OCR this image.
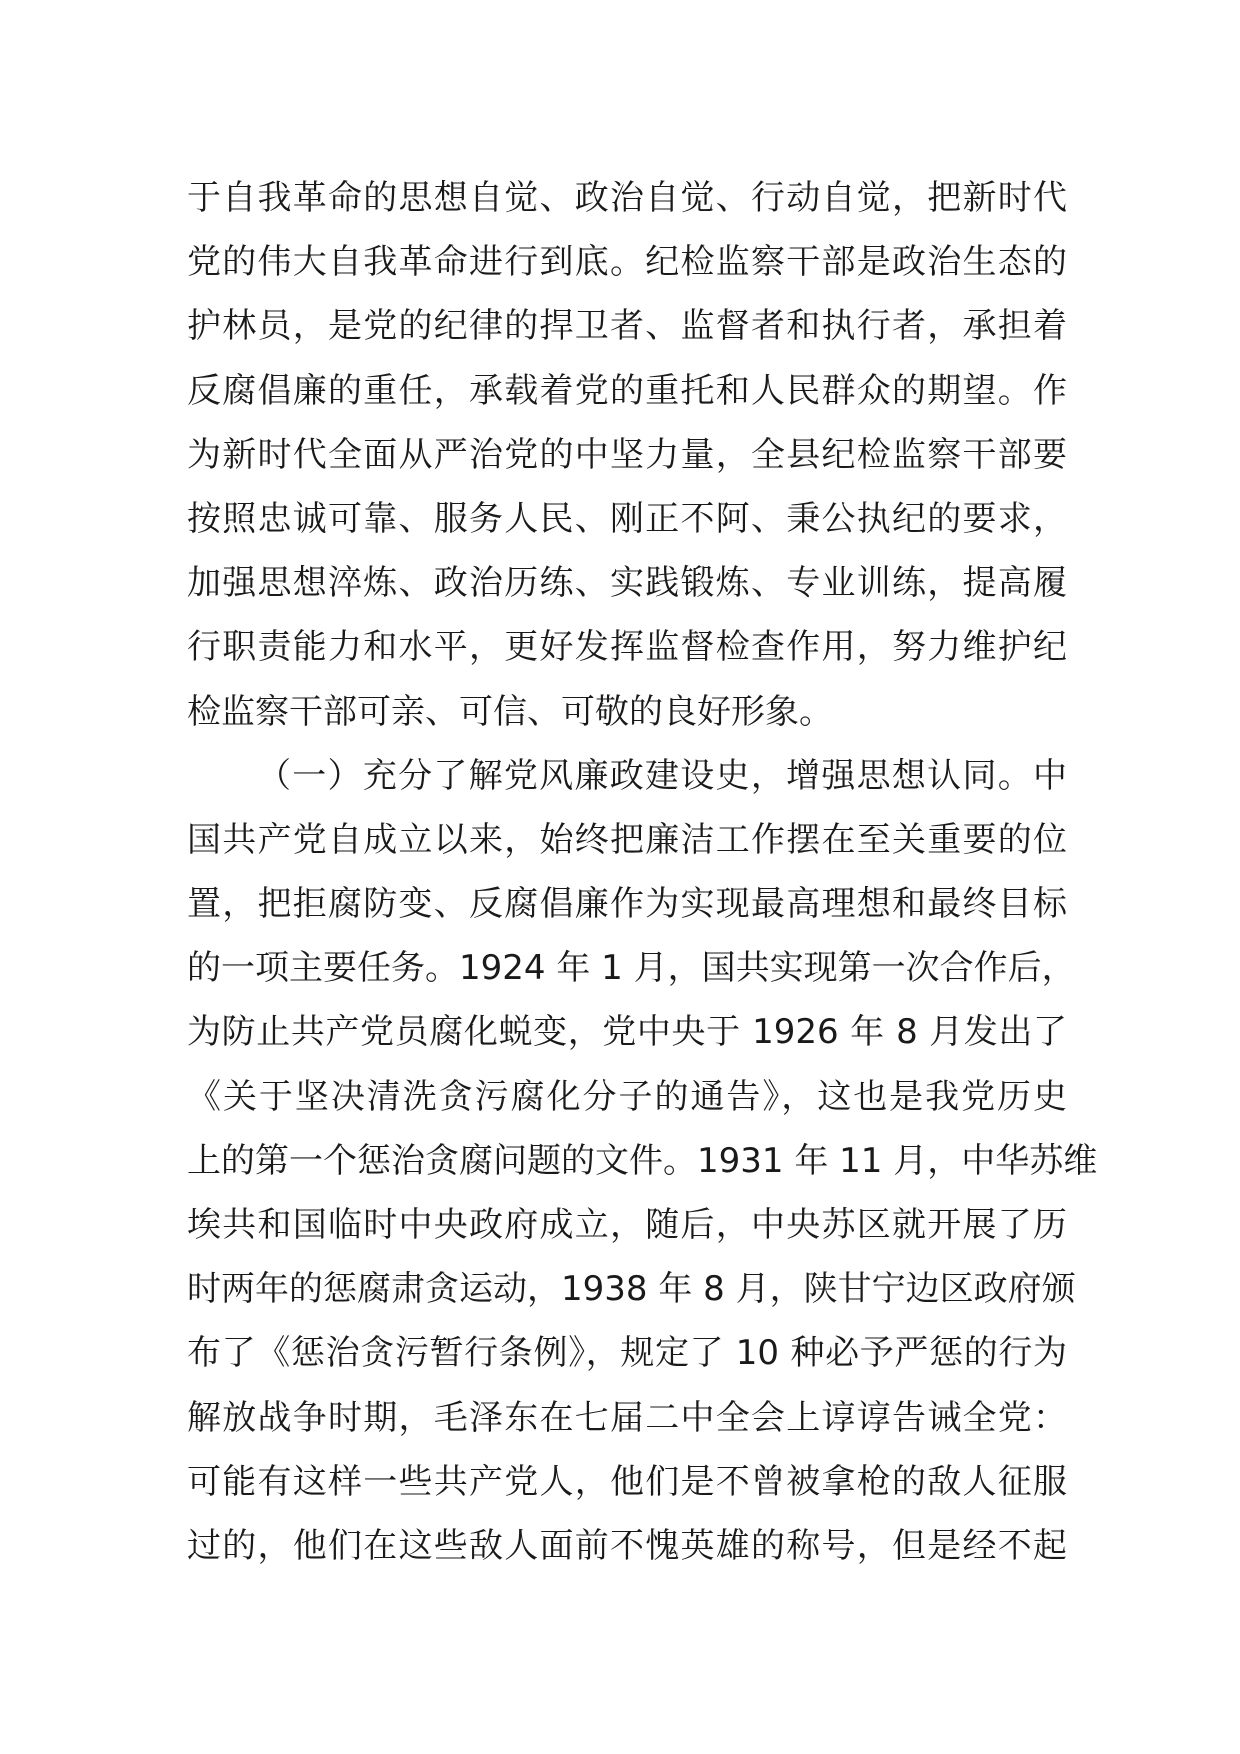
于自我革命的思想自觉、政治自觉、行动自觉，把新时代
党的伟大自我革命进行到底。纪检监察干部是政治生态的
护林员，是党的纪律的捍卫者、监督者和执行者，承担着
反腐倡廉的重任，承载着党的重托和人民群众的期望。作
为新时代全面从严治党的中坚力量，全县纪检监察干部要
按照忠诚可靠、服务人民、刚正不阿、秉公执纪的要求，
加强思想淬炼、政治历练、实践锻炼、专业训练，提高履
行职责能力和水平，更好发挥监督检查作用，努力维护纪
检监察干部可亲、可信、可敬的良好形象。
（一）充分了解党风廉政建设史，增强思想认同。中
国共产党自成立以来，始终把廉洁工作摆在至关重要的位
置，把拒腐防变、反腐倡廉作为实现最高理想和最终目标
的一项主要任务。1924 年 1 月，国共实现第一次合作后，
为防止共产党员腐化蜕变，党中央于 1926 年 8 月发出了
《关于坚决清洗贪污腐化分子的通告》，这也是我党历史
上的第一个惩治贪腐问题的文件。1931 年 11 月，中华苏维
埃共和国临时中央政府成立，随后，中央苏区就开展了历
时两年的惩腐肃贪运动，1938 年 8 月，陕甘宁边区政府颁
布了《惩治贪污暂行条例》，规定了 10 种必予严惩的行为
解放战争时期，毛泽东在七届二中全会上谆谆告诫全党：
可能有这样一些共产党人，他们是不曾被拿枪的敌人征服
过的，他们在这些敌人面前不愧英雄的称号，但是经不起
